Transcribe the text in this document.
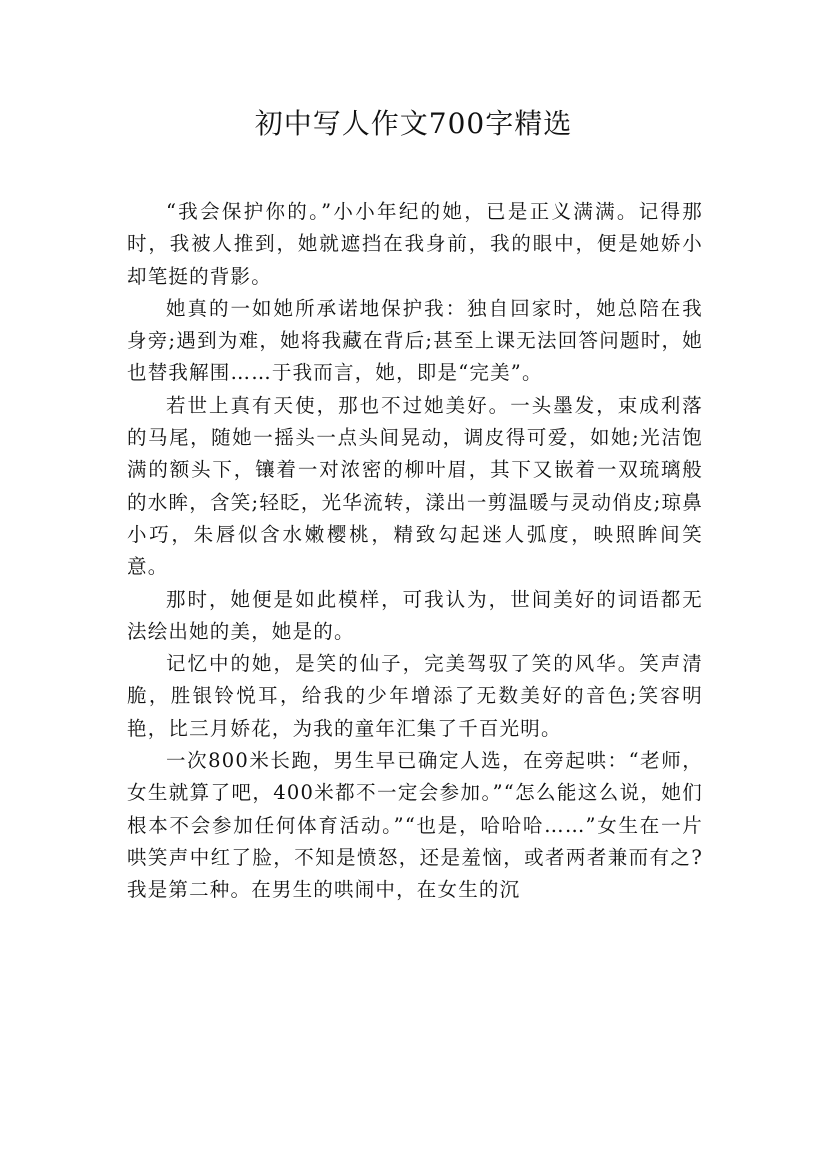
初中写人作文700字精选

“我会保护你的。”小小年纪的她，已是正义满满。记得那时，我被人推到，她就遮挡在我身前，我的眼中，便是她娇小却笔挺的背影。

她真的一如她所承诺地保护我：独自回家时，她总陪在我身旁;遇到为难，她将我藏在背后;甚至上课无法回答问题时，她也替我解围……于我而言，她，即是“完美”。

若世上真有天使，那也不过她美好。一头墨发，束成利落的马尾，随她一摇头一点头间晃动，调皮得可爱，如她;光洁饱满的额头下，镶着一对浓密的柳叶眉，其下又嵌着一双琉璃般的水眸，含笑;轻眨，光华流转，漾出一剪温暖与灵动俏皮;琼鼻小巧，朱唇似含水嫩樱桃，精致勾起迷人弧度，映照眸间笑意。

那时，她便是如此模样，可我认为，世间美好的词语都无法绘出她的美，她是的。

记忆中的她，是笑的仙子，完美驾驭了笑的风华。笑声清脆，胜银铃悦耳，给我的少年增添了无数美好的音色;笑容明艳，比三月娇花，为我的童年汇集了千百光明。

一次800米长跑，男生早已确定人选，在旁起哄：“老师，女生就算了吧，400米都不一定会参加。”“怎么能这么说，她们根本不会参加任何体育活动。”“也是，哈哈哈……”女生在一片哄笑声中红了脸，不知是愤怒，还是羞恼，或者两者兼而有之?我是第二种。在男生的哄闹中，在女生的沉
